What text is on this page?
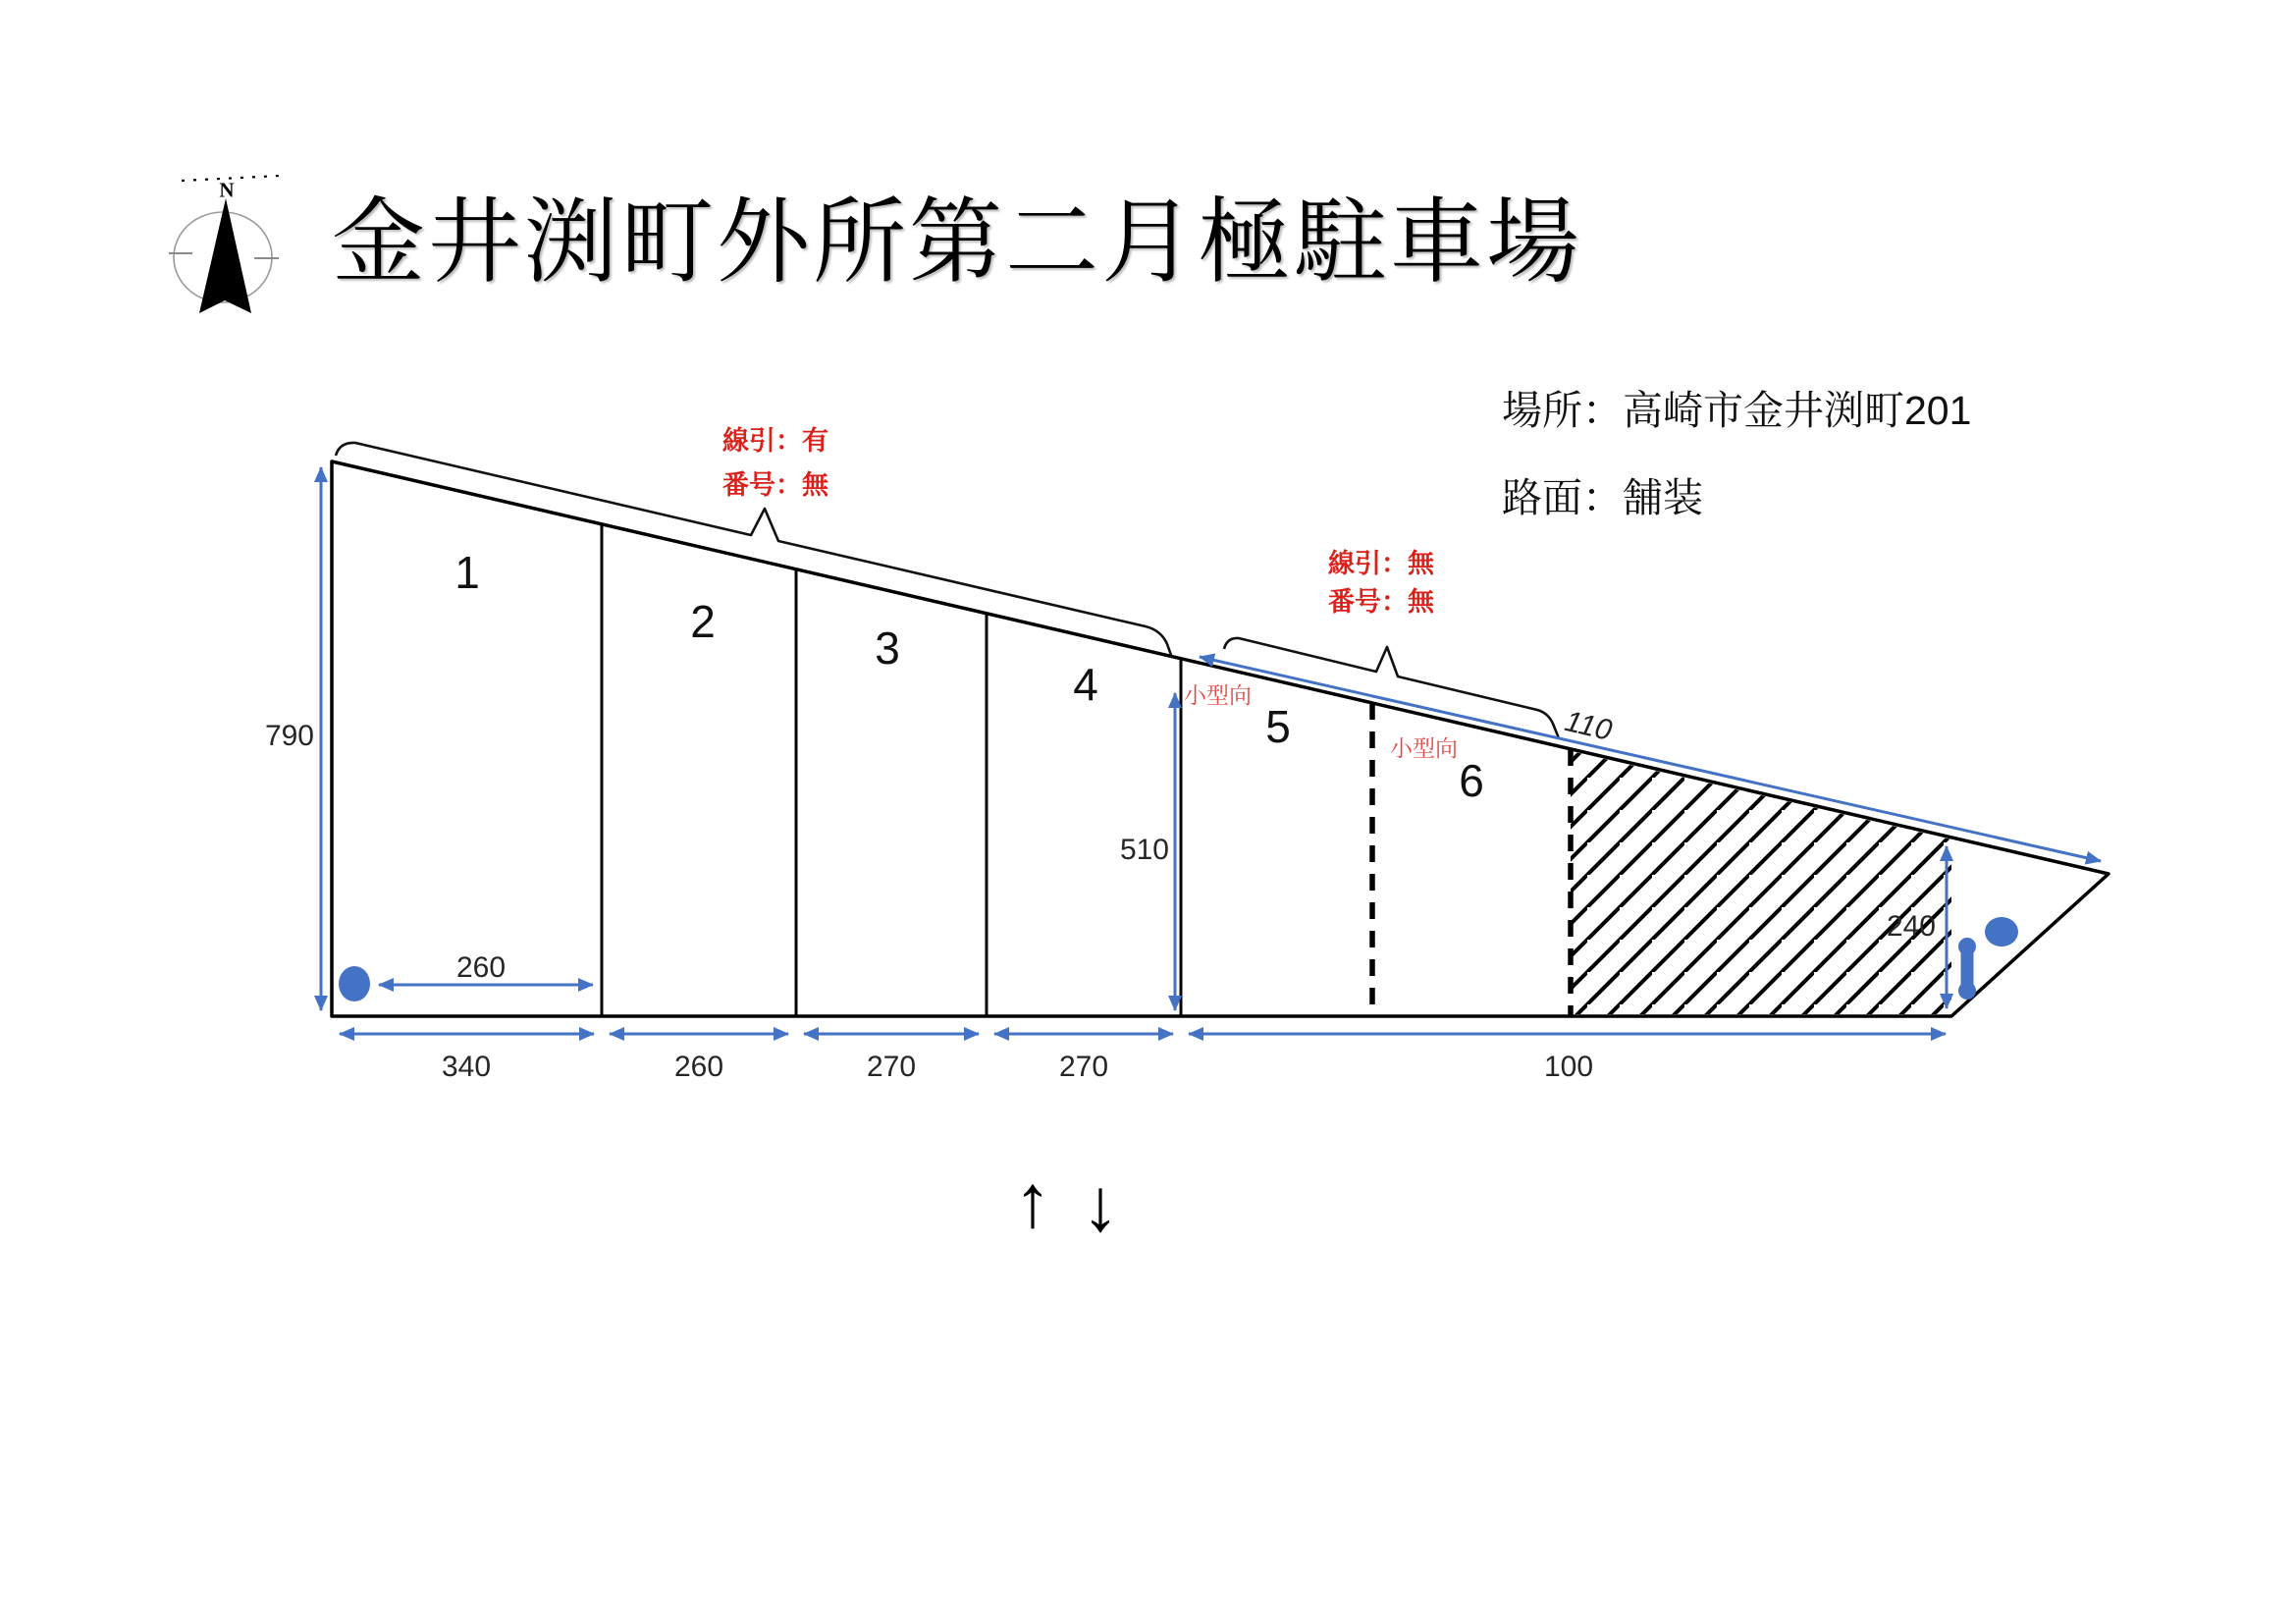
金井渕町外所第二月極駐車場
N
場所：高崎市金井渕町201
路面：舗装
線引：有
番号：無
線引：無
番号：無
小型向
小型向
1
2
3
4
5
6
790
260
510
240
110
340	260	270	270	100
↑ ↓
